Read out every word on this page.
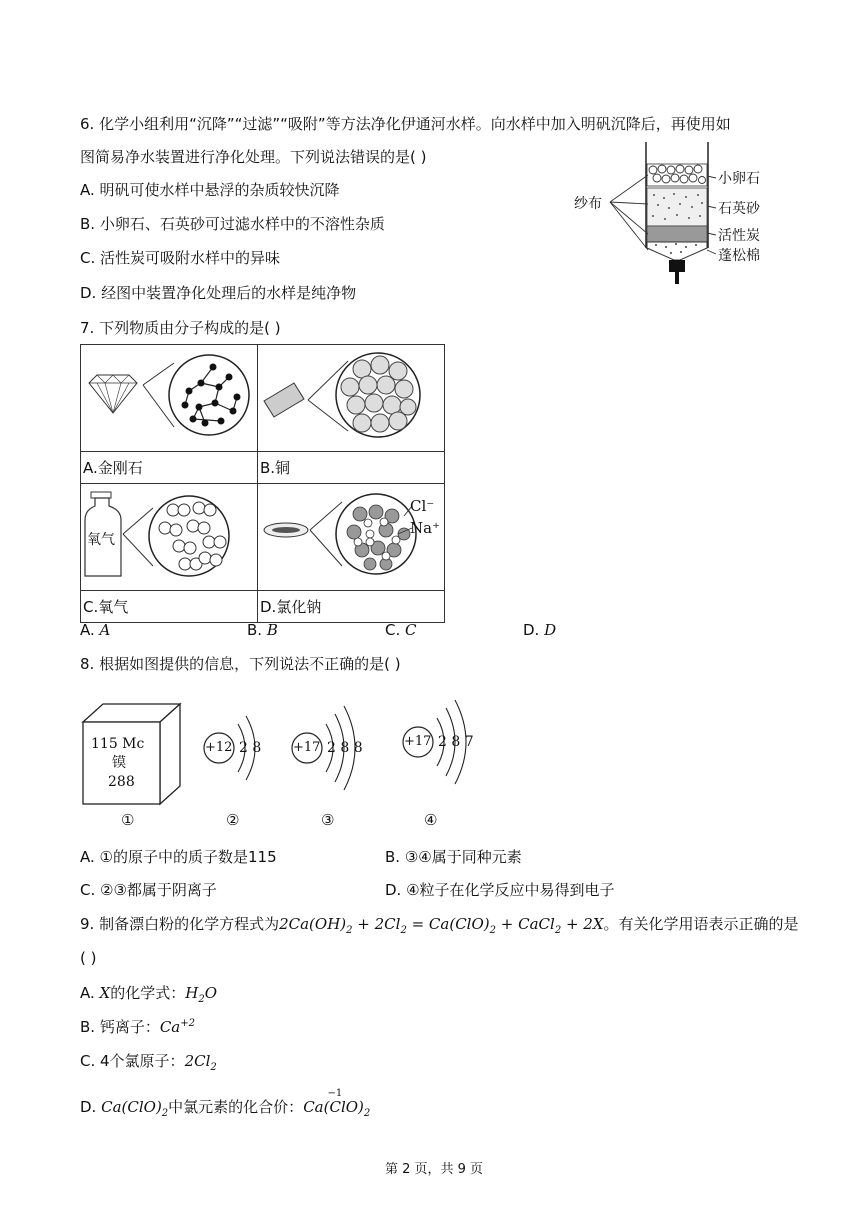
6. 化学小组利用“沉降”“过滤”“吸附”等方法净化伊通河水样。向水样中加入明矾沉降后，再使用如
图简易净水装置进行净化处理。下列说法错误的是( )
A. 明矾可使水样中悬浮的杂质较快沉降
B. 小卵石、石英砂可过滤水样中的不溶性杂质
C. 活性炭可吸附水样中的异味
D. 经图中装置净化处理后的水样是纯净物
纱布
小卵石
石英砂
活性炭
蓬松棉
7. 下列物质由分子构成的是( )

A.金刚石	B.铜

氧气	Cl⁻
Na⁺

C.氧气	D.氯化钠
A. A	B. B	C. C	D. D
8. 根据如图提供的信息，下列说法不正确的是( )
115 Mc
镆
288
+12 2 8 +17 2 8 8	+17 2 8 7
①	②	③	④
A. ①的原子中的质子数是115	B. ③④属于同种元素
C. ②③都属于阴离子	D. ④粒子在化学反应中易得到电子
9. 制备漂白粉的化学方程式为$2Ca(OH)_2 + 2Cl_2 = Ca(ClO)_2$ + CaCl$_2$ + 2X。有关化学用语表示正确的是
( )
A. X的化学式：$H_2O$
B. 钙离子：$Ca^{+2}$
C. 4个氯原子：$2Cl_2$
D. $Ca(ClO)_2$中氯元素的化合价：Ca(
−1
$ClO)_2$
第 2 页，共 9 页
